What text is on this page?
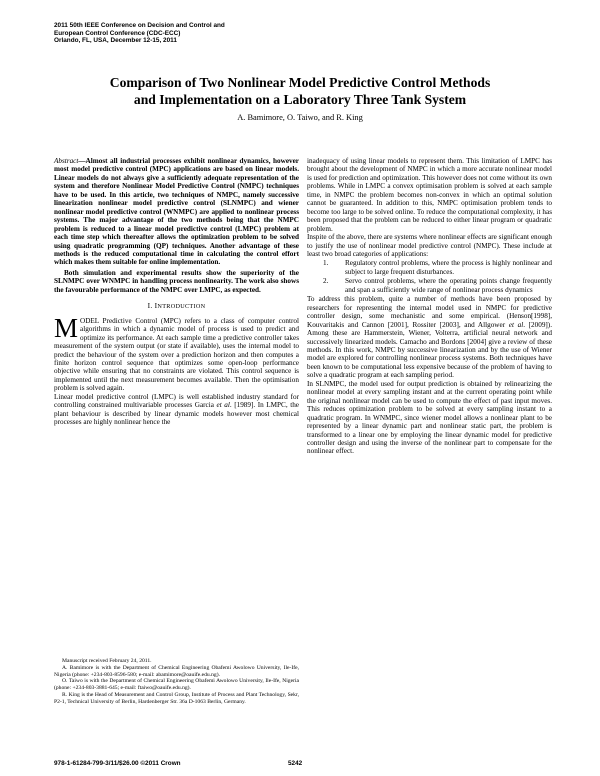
2011 50th IEEE Conference on Decision and Control and
European Control Conference (CDC-ECC)
Orlando, FL, USA, December 12-15, 2011
Comparison of Two Nonlinear Model Predictive Control Methods
and Implementation on a Laboratory Three Tank System
A. Bamimore, O. Taiwo, and R. King

Abstract—Almost all industrial processes exhibit nonlinear dynamics, however most model predictive control (MPC) applications are based on linear models. Linear models do not always give a sufficiently adequate representation of the system and therefore Nonlinear Model Predictive Control (NMPC) techniques have to be used. In this article, two techniques of NMPC, namely successive linearization nonlinear model predictive control (SLNMPC) and wiener nonlinear model predictive control (WNMPC) are applied to nonlinear process systems. The major advantage of the two methods being that the NMPC problem is reduced to a linear model predictive control (LMPC) problem at each time step which thereafter allows the optimization problem to be solved using quadratic programming (QP) techniques. Another advantage of these methods is the reduced computational time in calculating the control effort which makes them suitable for online implementation.

Both simulation and experimental results show the superiority of the SLNMPC over WNMPC in handling process nonlinearity. The work also shows the favourable performance of the NMPC over LMPC, as expected.

I. INTRODUCTION

MODEL Predictive Control (MPC) refers to a class of computer control algorithms in which a dynamic model of process is used to predict and optimize its performance. At each sample time a predictive controller takes measurement of the system output (or state if available), uses the internal model to predict the behaviour of the system over a prediction horizon and then computes a finite horizon control sequence that optimizes some open-loop performance objective while ensuring that no constraints are violated. This control sequence is implemented until the next measurement becomes available. Then the optimisation problem is solved again.

Linear model predictive control (LMPC) is well established industry standard for controlling constrained multivariable processes Garcia et al. [1989]. In LMPC, the plant behaviour is described by linear dynamic models however most chemical processes are highly nonlinear hence the

inadequacy of using linear models to represent them. This limitation of LMPC has brought about the development of NMPC in which a more accurate nonlinear model is used for prediction and optimization. This however does not come without its own problems. While in LMPC a convex optimisation problem is solved at each sample time, in NMPC the problem becomes non-convex in which an optimal solution cannot be guaranteed. In addition to this, NMPC optimisation problem tends to become too large to be solved online. To reduce the computational complexity, it has been proposed that the problem can be reduced to either linear program or quadratic problem.

Inspite of the above, there are systems where nonlinear effects are significant enough to justify the use of nonlinear model predictive control (NMPC). These include at least two broad categories of applications:

1. Regulatory control problems, where the process is highly nonlinear and subject to large frequent disturbances.
2. Servo control problems, where the operating points change frequently and span a sufficiently wide range of nonlinear process dynamics

To address this problem, quite a number of methods have been proposed by researchers for representing the internal model used in NMPC for predictive controller design, some mechanistic and some empirical. (Henson[1998], Kouvaritakis and Cannon [2001], Rossiter [2003], and Allgower et al. [2009]). Among these are Hammerstein, Wiener, Volterra, artificial neural network and successively linearized models. Camacho and Bordons [2004] give a review of these methods. In this work, NMPC by successive linearization and by the use of Wiener model are explored for controlling nonlinear process systems. Both techniques have been known to be computational less expensive because of the problem of having to solve a quadratic program at each sampling period.

In SLNMPC, the model used for output prediction is obtained by relinearizing the nonlinear model at every sampling instant and at the current operating point while the original nonlinear model can be used to compute the effect of past input moves. This reduces optimization problem to be solved at every sampling instant to a quadratic program. In WNMPC, since wiener model allows a nonlinear plant to be represented by a linear dynamic part and nonlinear static part, the problem is transformed to a linear one by employing the linear dynamic model for predictive controller design and using the inverse of the nonlinear part to compensate for the nonlinear effect.

Manuscript received February 24, 2011.

A. Bamimore is with the Department of Chemical Engineering Obafemi Awolowo University, Ile-Ife, Nigeria (phone: +234-803-8596-580; e-mail: abamimore@oauife.edu.ng).

O. Taiwo is with the Department of Chemical Engineering Obafemi Awolowo University, Ile-Ife, Nigeria (phone: +234-803-3881-645; e-mail: ftaiwo@oauife.edu.ng).

R. King is the Head of Measurement and Control Group, Institute of Process and Plant Technology, Sekr, P2-1, Technical University of Berlin, Hardenberger Str. 36a D-1063 Berlin, Germany.

978-1-61284-799-3/11/$26.00 ©2011 Crown	5242
